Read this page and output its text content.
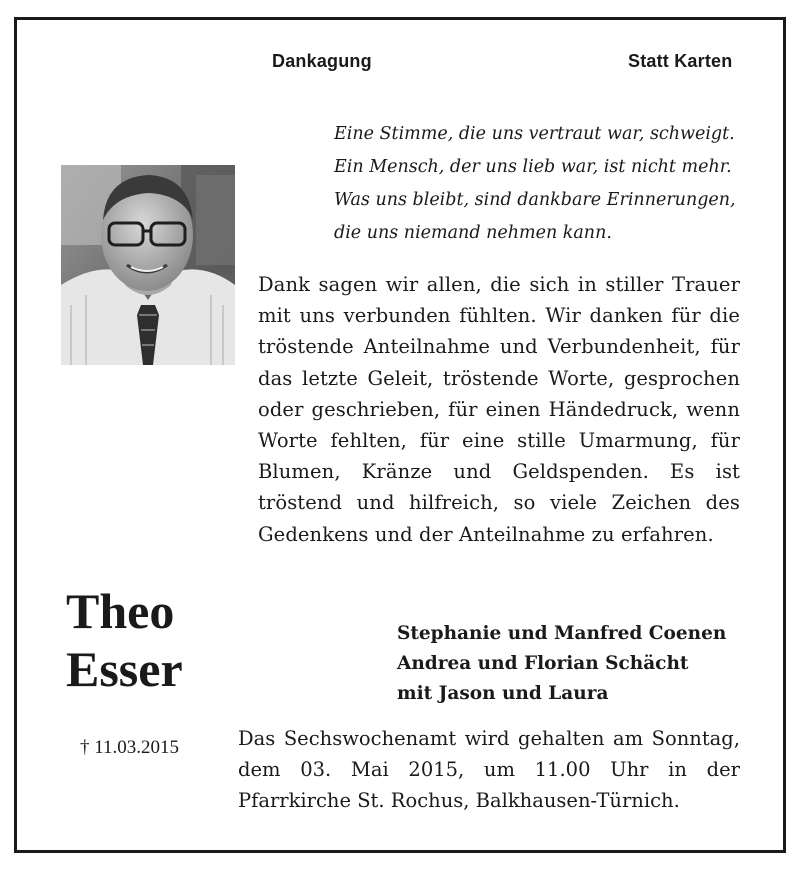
Dankagung	Statt Karten
Eine Stimme, die uns vertraut war, schweigt.
Ein Mensch, der uns lieb war, ist nicht mehr.
Was uns bleibt, sind dankbare Erinnerungen,
die uns niemand nehmen kann.

Dank sagen wir allen, die sich in stiller Trauer mit uns verbunden fühlten. Wir danken für die tröstende Anteilnahme und Verbundenheit, für das letzte Geleit, tröstende Worte, gesprochen oder geschrieben, für einen Händedruck, wenn Worte fehlten, für eine stille Umarmung, für Blumen, Kränze und Geldspenden. Es ist tröstend und hilfreich, so viele Zeichen des Gedenkens und der Anteilnahme zu erfahren.

Theo
Esser
Stephanie und Manfred Coenen
Andrea und Florian Schächt
mit Jason und Laura
† 11.03.2015	Das Sechswochenamt wird gehalten am Sonntag, dem 03. Mai 2015, um 11.00 Uhr in der Pfarrkirche St. Rochus, Balkhausen-Türnich.
